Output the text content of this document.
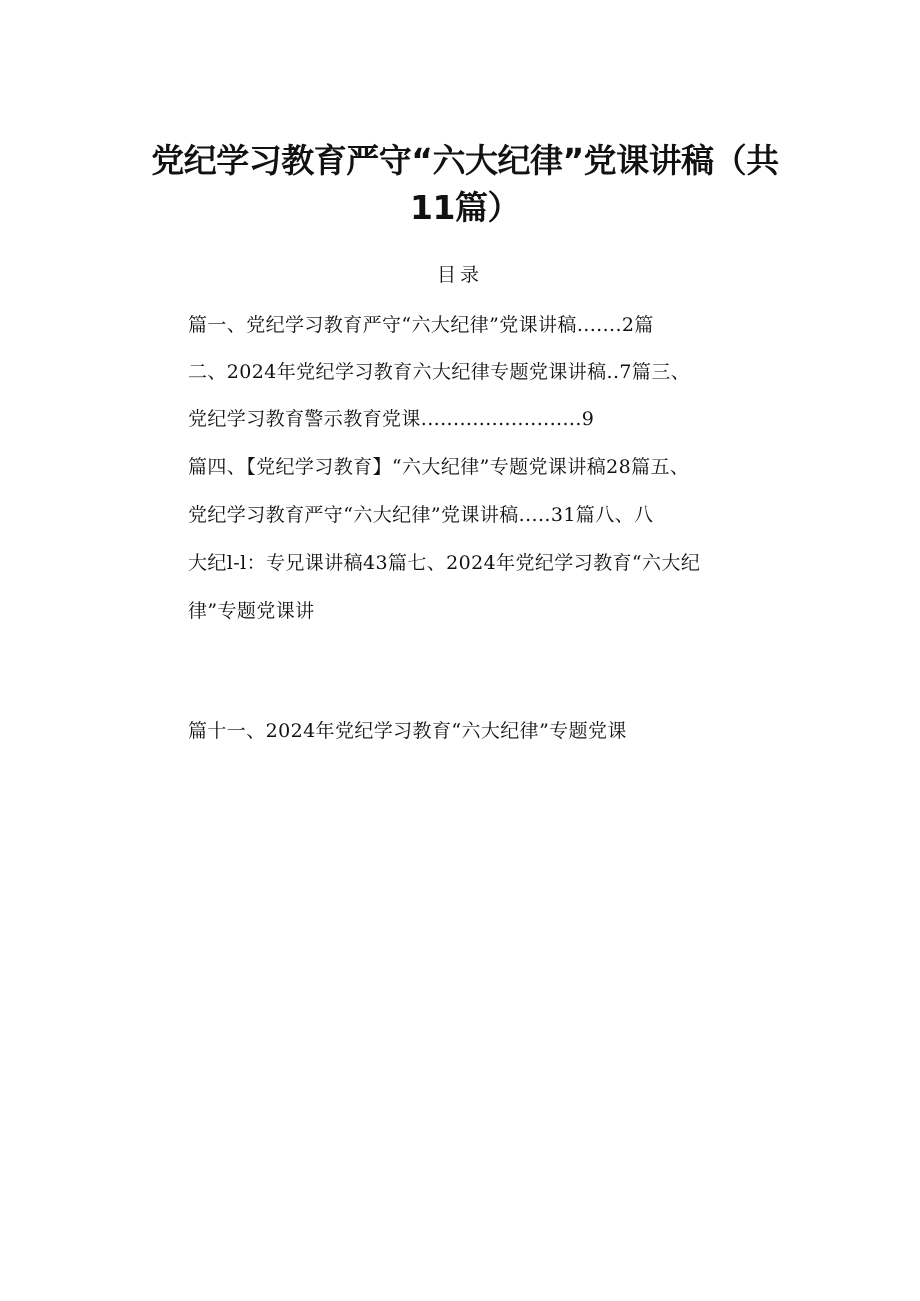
党纪学习教育严守“六大纪律”党课讲稿（共
11篇）
目录
篇一、党纪学习教育严守“六大纪律”党课讲稿.......2篇
二、2024年党纪学习教育六大纪律专题党课讲稿..7篇三、
党纪学习教育警示教育党课.........................9
篇四、【党纪学习教育】“六大纪律”专题党课讲稿28篇五、
党纪学习教育严守“六大纪律”党课讲稿.....31篇八、八
大纪l-l：专兄课讲稿43篇七、2024年党纪学习教育“六大纪
律”专题党课讲
篇十一、2024年党纪学习教育“六大纪律”专题党课
